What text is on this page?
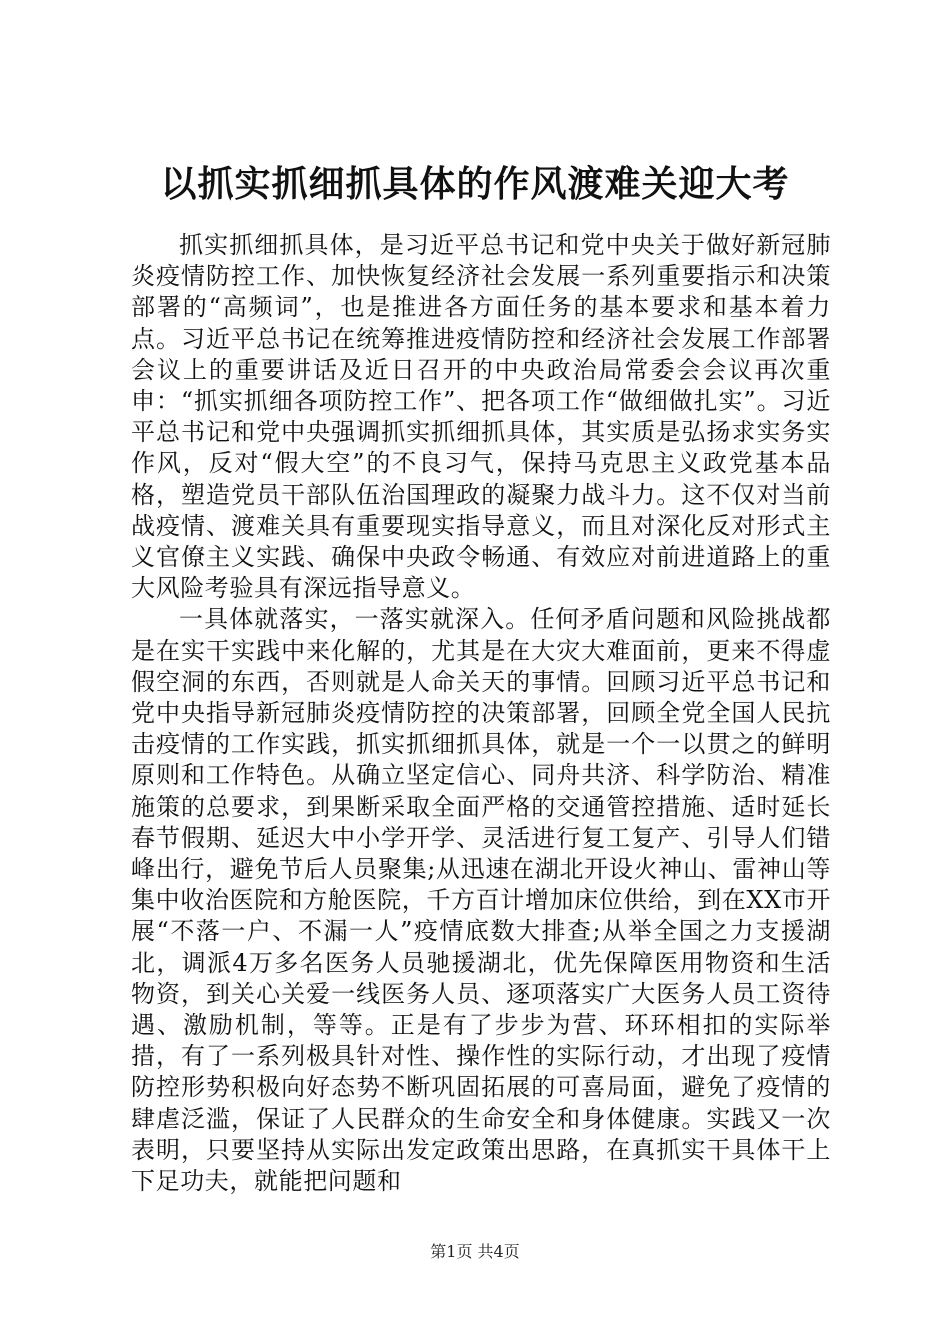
以抓实抓细抓具体的作风渡难关迎大考

抓实抓细抓具体，是习近平总书记和党中央关于做好新冠肺炎疫情防控工作、加快恢复经济社会发展一系列重要指示和决策部署的“高频词”，也是推进各方面任务的基本要求和基本着力点。习近平总书记在统筹推进疫情防控和经济社会发展工作部署会议上的重要讲话及近日召开的中央政治局常委会会议再次重申：“抓实抓细各项防控工作”、把各项工作“做细做扎实”。习近平总书记和党中央强调抓实抓细抓具体，其实质是弘扬求实务实作风，反对“假大空”的不良习气，保持马克思主义政党基本品格，塑造党员干部队伍治国理政的凝聚力战斗力。这不仅对当前战疫情、渡难关具有重要现实指导意义，而且对深化反对形式主义官僚主义实践、确保中央政令畅通、有效应对前进道路上的重大风险考验具有深远指导意义。

一具体就落实，一落实就深入。任何矛盾问题和风险挑战都是在实干实践中来化解的，尤其是在大灾大难面前，更来不得虚假空洞的东西，否则就是人命关天的事情。回顾习近平总书记和党中央指导新冠肺炎疫情防控的决策部署，回顾全党全国人民抗击疫情的工作实践，抓实抓细抓具体，就是一个一以贯之的鲜明原则和工作特色。从确立坚定信心、同舟共济、科学防治、精准施策的总要求，到果断采取全面严格的交通管控措施、适时延长春节假期、延迟大中小学开学、灵活进行复工复产、引导人们错峰出行，避免节后人员聚集;从迅速在湖北开设火神山、雷神山等集中收治医院和方舱医院，千方百计增加床位供给，到在XX市开展“不落一户、不漏一人”疫情底数大排查;从举全国之力支援湖北，调派4万多名医务人员驰援湖北，优先保障医用物资和生活物资，到关心关爱一线医务人员、逐项落实广大医务人员工资待遇、激励机制，等等。正是有了步步为营、环环相扣的实际举措，有了一系列极具针对性、操作性的实际行动，才出现了疫情防控形势积极向好态势不断巩固拓展的可喜局面，避免了疫情的肆虐泛滥，保证了人民群众的生命安全和身体健康。实践又一次表明，只要坚持从实际出发定政策出思路，在真抓实干具体干上下足功夫，就能把问题和

第1页 共4页
